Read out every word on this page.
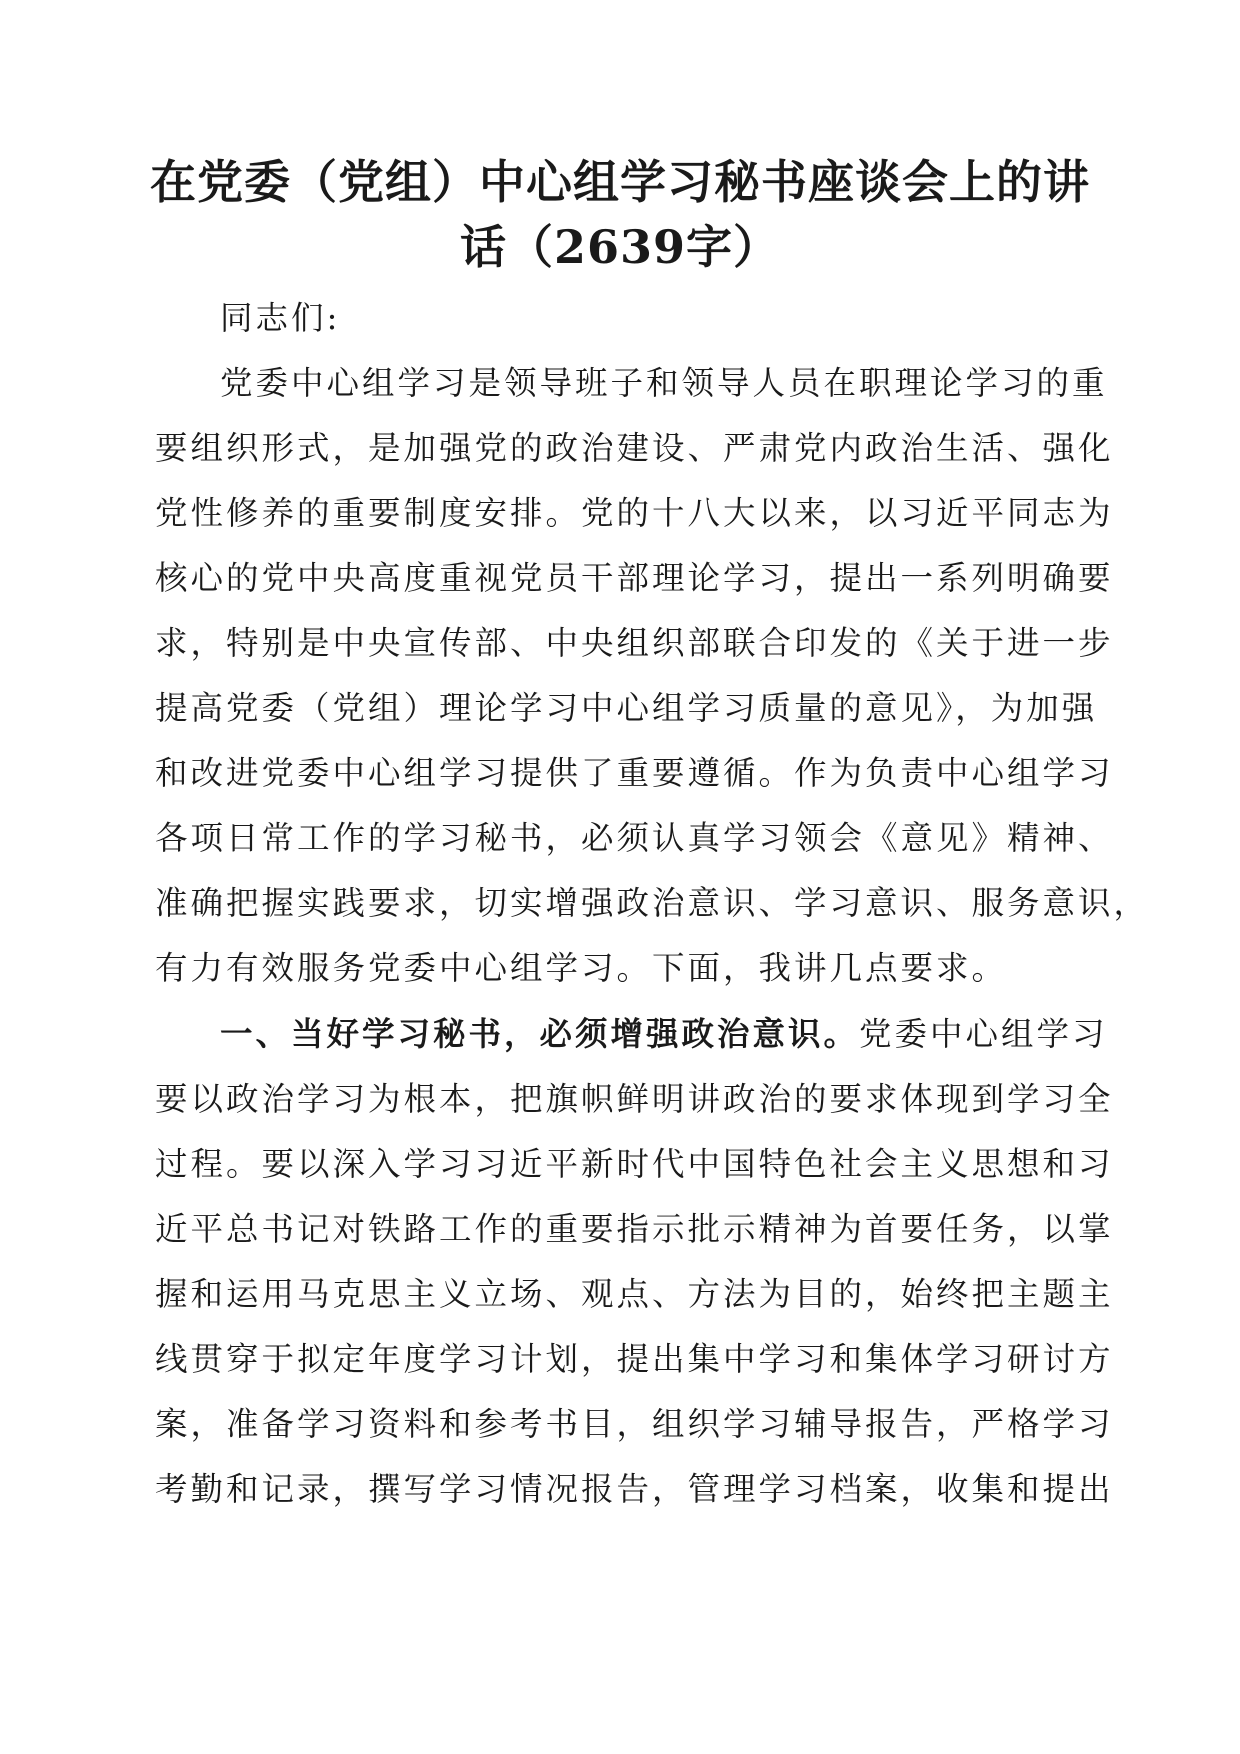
在党委（党组）中心组学习秘书座谈会上的讲
话（2639字）

同志们:

党委中心组学习是领导班子和领导人员在职理论学习的重
要组织形式，是加强党的政治建设、严肃党内政治生活、强化
党性修养的重要制度安排。党的十八大以来，以习近平同志为
核心的党中央高度重视党员干部理论学习，提出一系列明确要
求，特别是中央宣传部、中央组织部联合印发的《关于进一步
提高党委（党组）理论学习中心组学习质量的意见》，为加强
和改进党委中心组学习提供了重要遵循。作为负责中心组学习
各项日常工作的学习秘书，必须认真学习领会《意见》精神、
准确把握实践要求，切实增强政治意识、学习意识、服务意识，
有力有效服务党委中心组学习。下面，我讲几点要求。

一、当好学习秘书，必须增强政治意识。党委中心组学习
要以政治学习为根本，把旗帜鲜明讲政治的要求体现到学习全
过程。要以深入学习习近平新时代中国特色社会主义思想和习
近平总书记对铁路工作的重要指示批示精神为首要任务，以掌
握和运用马克思主义立场、观点、方法为目的，始终把主题主
线贯穿于拟定年度学习计划，提出集中学习和集体学习研讨方
案，准备学习资料和参考书目，组织学习辅导报告，严格学习
考勤和记录，撰写学习情况报告，管理学习档案，收集和提出
